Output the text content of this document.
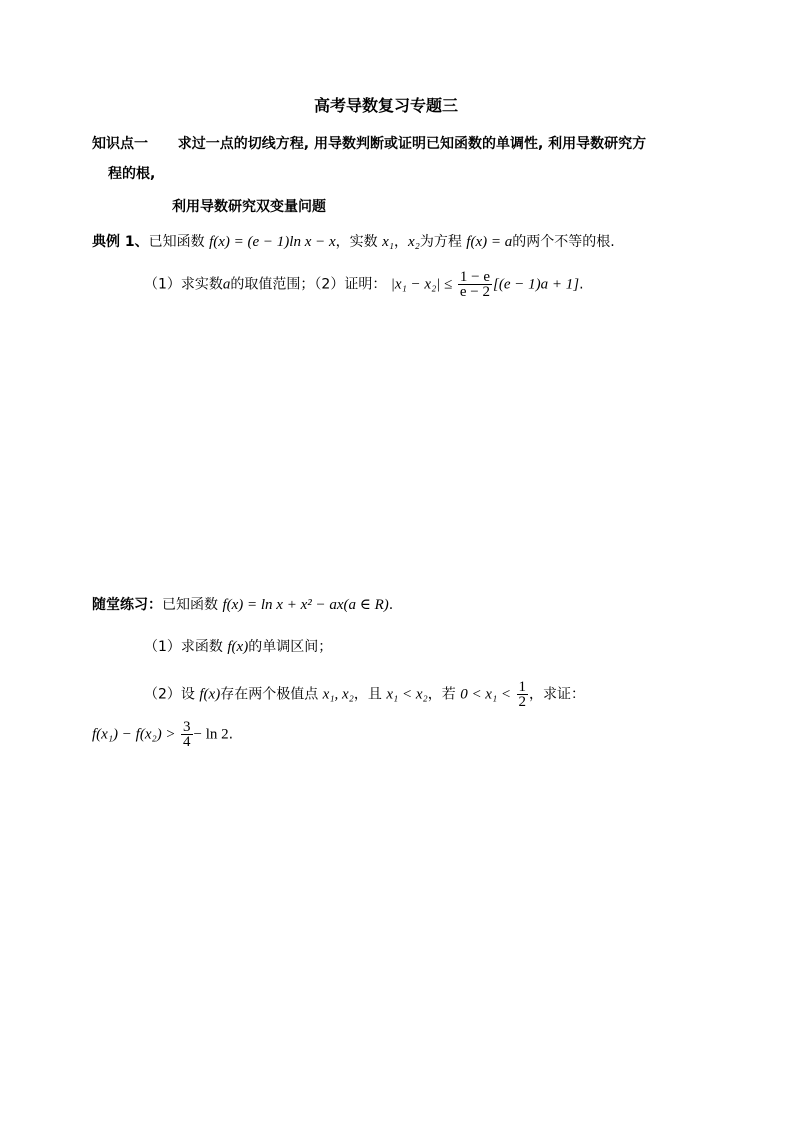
高考导数复习专题三
知识点一 求过一点的切线方程, 用导数判断或证明已知函数的单调性, 利用导数研究方
程的根,
利用导数研究双变量问题
典例 1、已知函数 f(x) = (e − 1)ln x − x，实数 x₁，x₂为方程 f(x) = a的两个不等的根.
（1）求实数a的取值范围；（2）证明： $|x_1 - x_2| \le \frac{1 - e}{e - 2} [(e - 1)a + 1]$.
随堂练习：已知函数 f(x) = ln x + x² − ax(a ∈ R).
（1）求函数 f(x)的单调区间；
（2）设 f(x)存在两个极值点 x₁, x₂，且 x₁ < x₂，若 $0 < x_1 < \frac{1}{2}$ ，求证：
$f(x_1) - f(x_2) > \frac{3}{4} - \ln 2$.
